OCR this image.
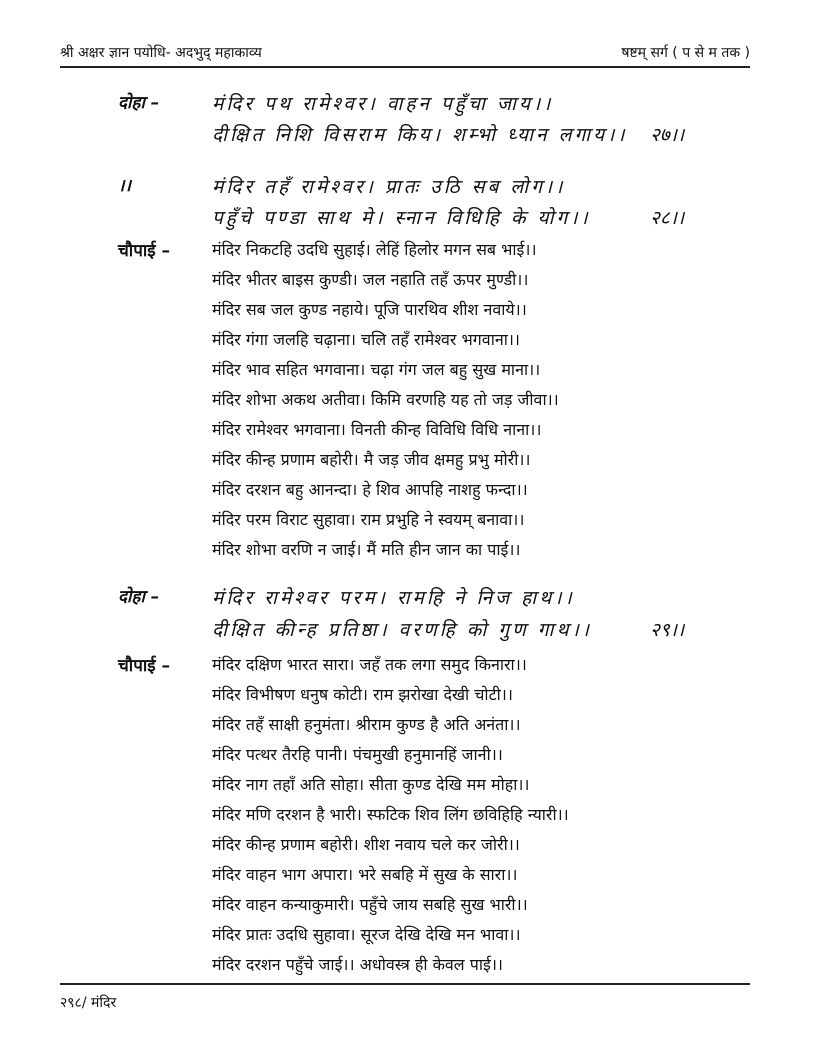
श्री अक्षर ज्ञान पयोधि- अदभुद् महाकाव्य	षष्टम् सर्ग ( प से म तक )
दोहा –	मंदिर पथ रामेश्वर। वाहन पहुँचा जाय।।
दीक्षित निशि विसराम किय। शम्भो ध्यान लगाय।। २७।।
।।	मंदिर तहँ रामेश्वर। प्रातः उठि सब लोग।।
पहुँचे पण्डा साथ मे। स्नान विधिहि के योग।।	२८।।
चौपाई –	मंदिर निकटहि उदधि सुहाई। लेहिं हिलोर मगन सब भाई।।
मंदिर भीतर बाइस कुण्डी। जल नहाति तहँ ऊपर मुण्डी।।
मंदिर सब जल कुण्ड नहाये। पूजि पारथिव शीश नवाये।।
मंदिर गंगा जलहि चढ़ाना। चलि तहँ रामेश्वर भगवाना।।
मंदिर भाव सहित भगवाना। चढ़ा गंग जल बहु सुख माना।।
मंदिर शोभा अकथ अतीवा। किमि वरणहि यह तो जड़ जीवा।।
मंदिर रामेश्वर भगवाना। विनती कीन्ह विविधि विधि नाना।।
मंदिर कीन्ह प्रणाम बहोरी। मै जड़ जीव क्षमहु प्रभु मोरी।।
मंदिर दरशन बहु आनन्दा। हे शिव आपहि नाशहु फन्दा।।
मंदिर परम विराट सुहावा। राम प्रभुहि ने स्वयम् बनावा।।
मंदिर शोभा वरणि न जाई। मैं मति हीन जान का पाई।।
दोहा –	मंदिर रामेश्वर परम। रामहि ने निज हाथ।।
दीक्षित कीन्ह प्रतिष्ठा। वरणहि को गुण गाथ।।	२९।।
चौपाई –	मंदिर दक्षिण भारत सारा। जहँ तक लगा समुद किनारा।।
मंदिर विभीषण धनुष कोटी। राम झरोखा देखी चोटी।।
मंदिर तहँ साक्षी हनुमंता। श्रीराम कुण्ड है अति अनंता।।
मंदिर पत्थर तैरहि पानी। पंचमुखी हनुमानहिं जानी।।
मंदिर नाग तहाँ अति सोहा। सीता कुण्ड देखि मम मोहा।।
मंदिर मणि दरशन है भारी। स्फटिक शिव लिंग छविहिहि न्यारी।।
मंदिर कीन्ह प्रणाम बहोरी। शीश नवाय चले कर जोरी।।
मंदिर वाहन भाग अपारा। भरे सबहि में सुख के सारा।।
मंदिर वाहन कन्याकुमारी। पहुँचे जाय सबहि सुख भारी।।
मंदिर प्रातः उदधि सुहावा। सूरज देखि देखि मन भावा।।
मंदिर दरशन पहुँचे जाई।। अधोवस्त्र ही केवल पाई।।
२९८/ मंदिर
